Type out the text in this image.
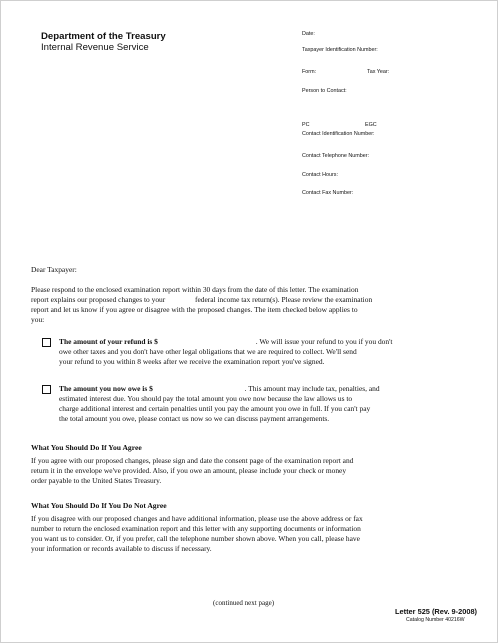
Department of the Treasury
Internal Revenue Service
Date:
Taxpayer Identification Number:
Form:	Tax Year:
Person to Contact:
PC	EGC
Contact Identification Number:
Contact Telephone Number:
Contact Hours:
Contact Fax Number:

Dear Taxpayer:

Please respond to the enclosed examination report within 30 days from the date of this letter. The examination
report explains our proposed changes to your	federal income tax return(s). Please review the examination
report and let us know if you agree or disagree with the proposed changes. The item checked below applies to
you:
The amount of your refund is $	. We will issue your refund to you if you don't
owe other taxes and you don't have other legal obligations that we are required to collect. We'll send
your refund to you within 8 weeks after we receive the examination report you've signed.
The amount you now owe is $	. This amount may include tax, penalties, and
estimated interest due. You should pay the total amount you owe now because the law allows us to
charge additional interest and certain penalties until you pay the amount you owe in full. If you can't pay
the total amount you owe, please contact us now so we can discuss payment arrangements.
What You Should Do If You Agree
If you agree with our proposed changes, please sign and date the consent page of the examination report and
return it in the envelope we've provided. Also, if you owe an amount, please include your check or money
order payable to the United States Treasury.
What You Should Do If You Do Not Agree
If you disagree with our proposed changes and have additional information, please use the above address or fax
number to return the enclosed examination report and this letter with any supporting documents or information
you want us to consider. Or, if you prefer, call the telephone number shown above. When you call, please have
your information or records available to discuss if necessary.
(continued next page)
Letter 525 (Rev. 9-2008)
Catalog Number 40216W
